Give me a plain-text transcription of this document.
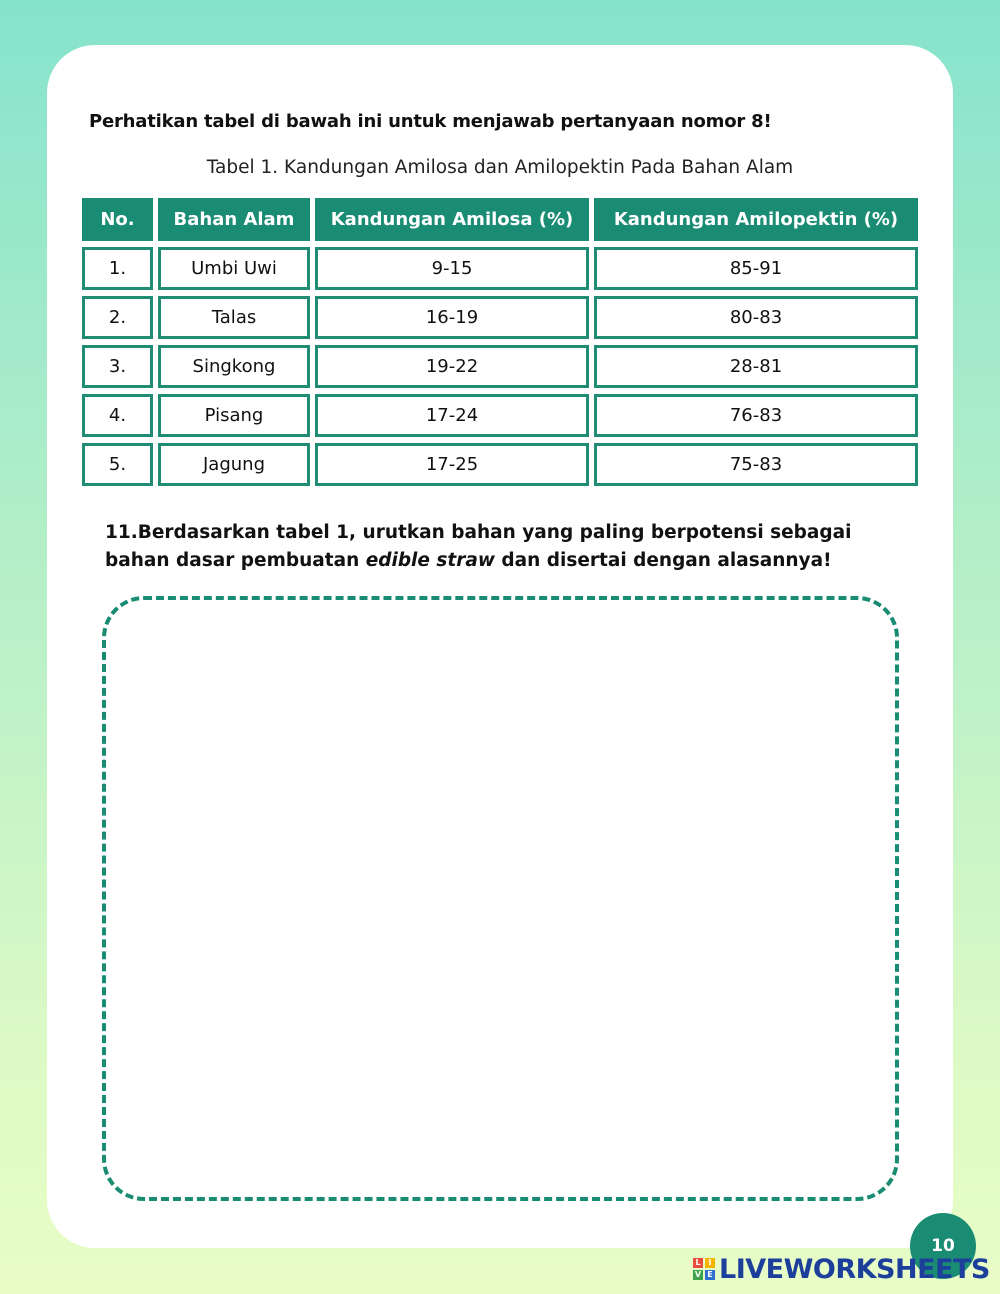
Perhatikan tabel di bawah ini untuk menjawab pertanyaan nomor 8!
Tabel 1. Kandungan Amilosa dan Amilopektin Pada Bahan Alam
No.	Bahan Alam	Kandungan Amilosa (%)	Kandungan Amilopektin (%)
1.	Umbi Uwi	9-15	85-91
2.	Talas	16-19	80-83
3.	Singkong	19-22	28-81
4.	Pisang	17-24	76-83
5.	Jagung	17-25	75-83
11.Berdasarkan tabel 1, urutkan bahan yang paling berpotensi sebagai bahan dasar pembuatan edible straw dan disertai dengan alasannya!
10
L I
V E LIVEWORKSHEETS
